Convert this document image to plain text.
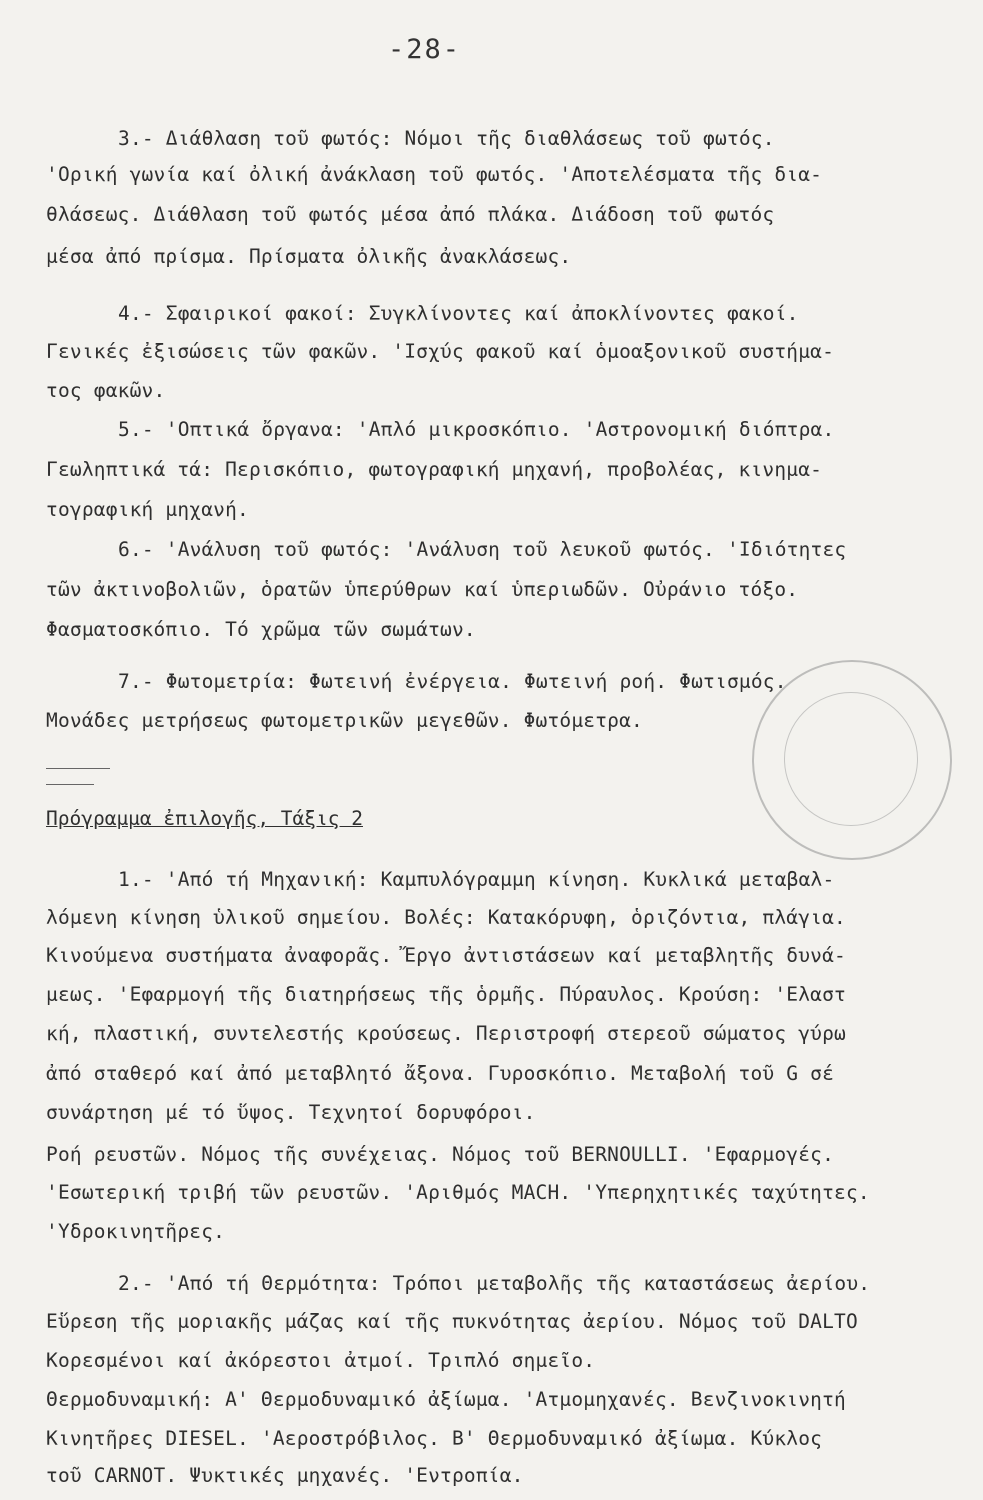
-28-
3.- Διάθλαση τοῦ φωτός: Νόμοι τῆς διαθλάσεως τοῦ φωτός.
'Ορική γωνία καί ὀλική ἀνάκλαση τοῦ φωτός. 'Αποτελέσματα τῆς δια-
θλάσεως. Διάθλαση τοῦ φωτός μέσα ἀπό πλάκα. Διάδοση τοῦ φωτός
μέσα ἀπό πρίσμα. Πρίσματα ὀλικῆς ἀνακλάσεως.
4.- Σφαιρικοί φακοί: Συγκλίνοντες καί ἀποκλίνοντες φακοί.
Γενικές ἐξισώσεις τῶν φακῶν. 'Ισχύς φακοῦ καί ὁμοαξονικοῦ συστήμα-
τος φακῶν.
5.- 'Οπτικά ὄργανα: 'Απλό μικροσκόπιο. 'Αστρονομική διόπτρα.
Γεωληπτικά τά: Περισκόπιο, φωτογραφική μηχανή, προβολέας, κινημα-
τογραφική μηχανή.
6.- 'Ανάλυση τοῦ φωτός: 'Ανάλυση τοῦ λευκοῦ φωτός. 'Ιδιότητες
τῶν ἀκτινοβολιῶν, ὁρατῶν ὑπερύθρων καί ὑπεριωδῶν. Οὐράνιο τόξο.
Φασματοσκόπιο. Τό χρῶμα τῶν σωμάτων.
7.- Φωτομετρία: Φωτεινή ἐνέργεια. Φωτεινή ροή. Φωτισμός.
Μονάδες μετρήσεως φωτομετρικῶν μεγεθῶν. Φωτόμετρα.
Πρόγραμμα ἐπιλογῆς, Τάξις 2
1.- 'Από τή Μηχανική: Καμπυλόγραμμη κίνηση. Κυκλικά μεταβαλ-
λόμενη κίνηση ὑλικοῦ σημείου. Βολές: Κατακόρυφη, ὁριζόντια, πλάγια.
Κινούμενα συστήματα ἀναφορᾶς. Ἔργο ἀντιστάσεων καί μεταβλητῆς δυνά-
μεως. 'Εφαρμογή τῆς διατηρήσεως τῆς ὁρμῆς. Πύραυλος. Κρούση: 'Ελαστ
κή, πλαστική, συντελεστής κρούσεως. Περιστροφή στερεοῦ σώματος γύρω
ἀπό σταθερό καί ἀπό μεταβλητό ἄξονα. Γυροσκόπιο. Μεταβολή τοῦ G σέ
συνάρτηση μέ τό ὕψος. Τεχνητοί δορυφόροι.
Ροή ρευστῶν. Νόμος τῆς συνέχειας. Νόμος τοῦ BERNOULLI. 'Εφαρμογές.
'Εσωτερική τριβή τῶν ρευστῶν. 'Αριθμός MACH. 'Υπερηχητικές ταχύτητες.
'Υδροκινητῆρες.
2.- 'Από τή Θερμότητα: Τρόποι μεταβολῆς τῆς καταστάσεως ἀερίου.
Εὕρεση τῆς μοριακῆς μάζας καί τῆς πυκνότητας ἀερίου. Νόμος τοῦ DALTO
Κορεσμένοι καί ἀκόρεστοι ἀτμοί. Τριπλό σημεῖο.
Θερμοδυναμική: Α' Θερμοδυναμικό ἀξίωμα. 'Ατμομηχανές. Βενζινοκινητή
Κινητῆρες DIESEL. 'Αεροστρόβιλος. Β' Θερμοδυναμικό ἀξίωμα. Κύκλος
τοῦ CARNOT. Ψυκτικές μηχανές. 'Εντροπία.
